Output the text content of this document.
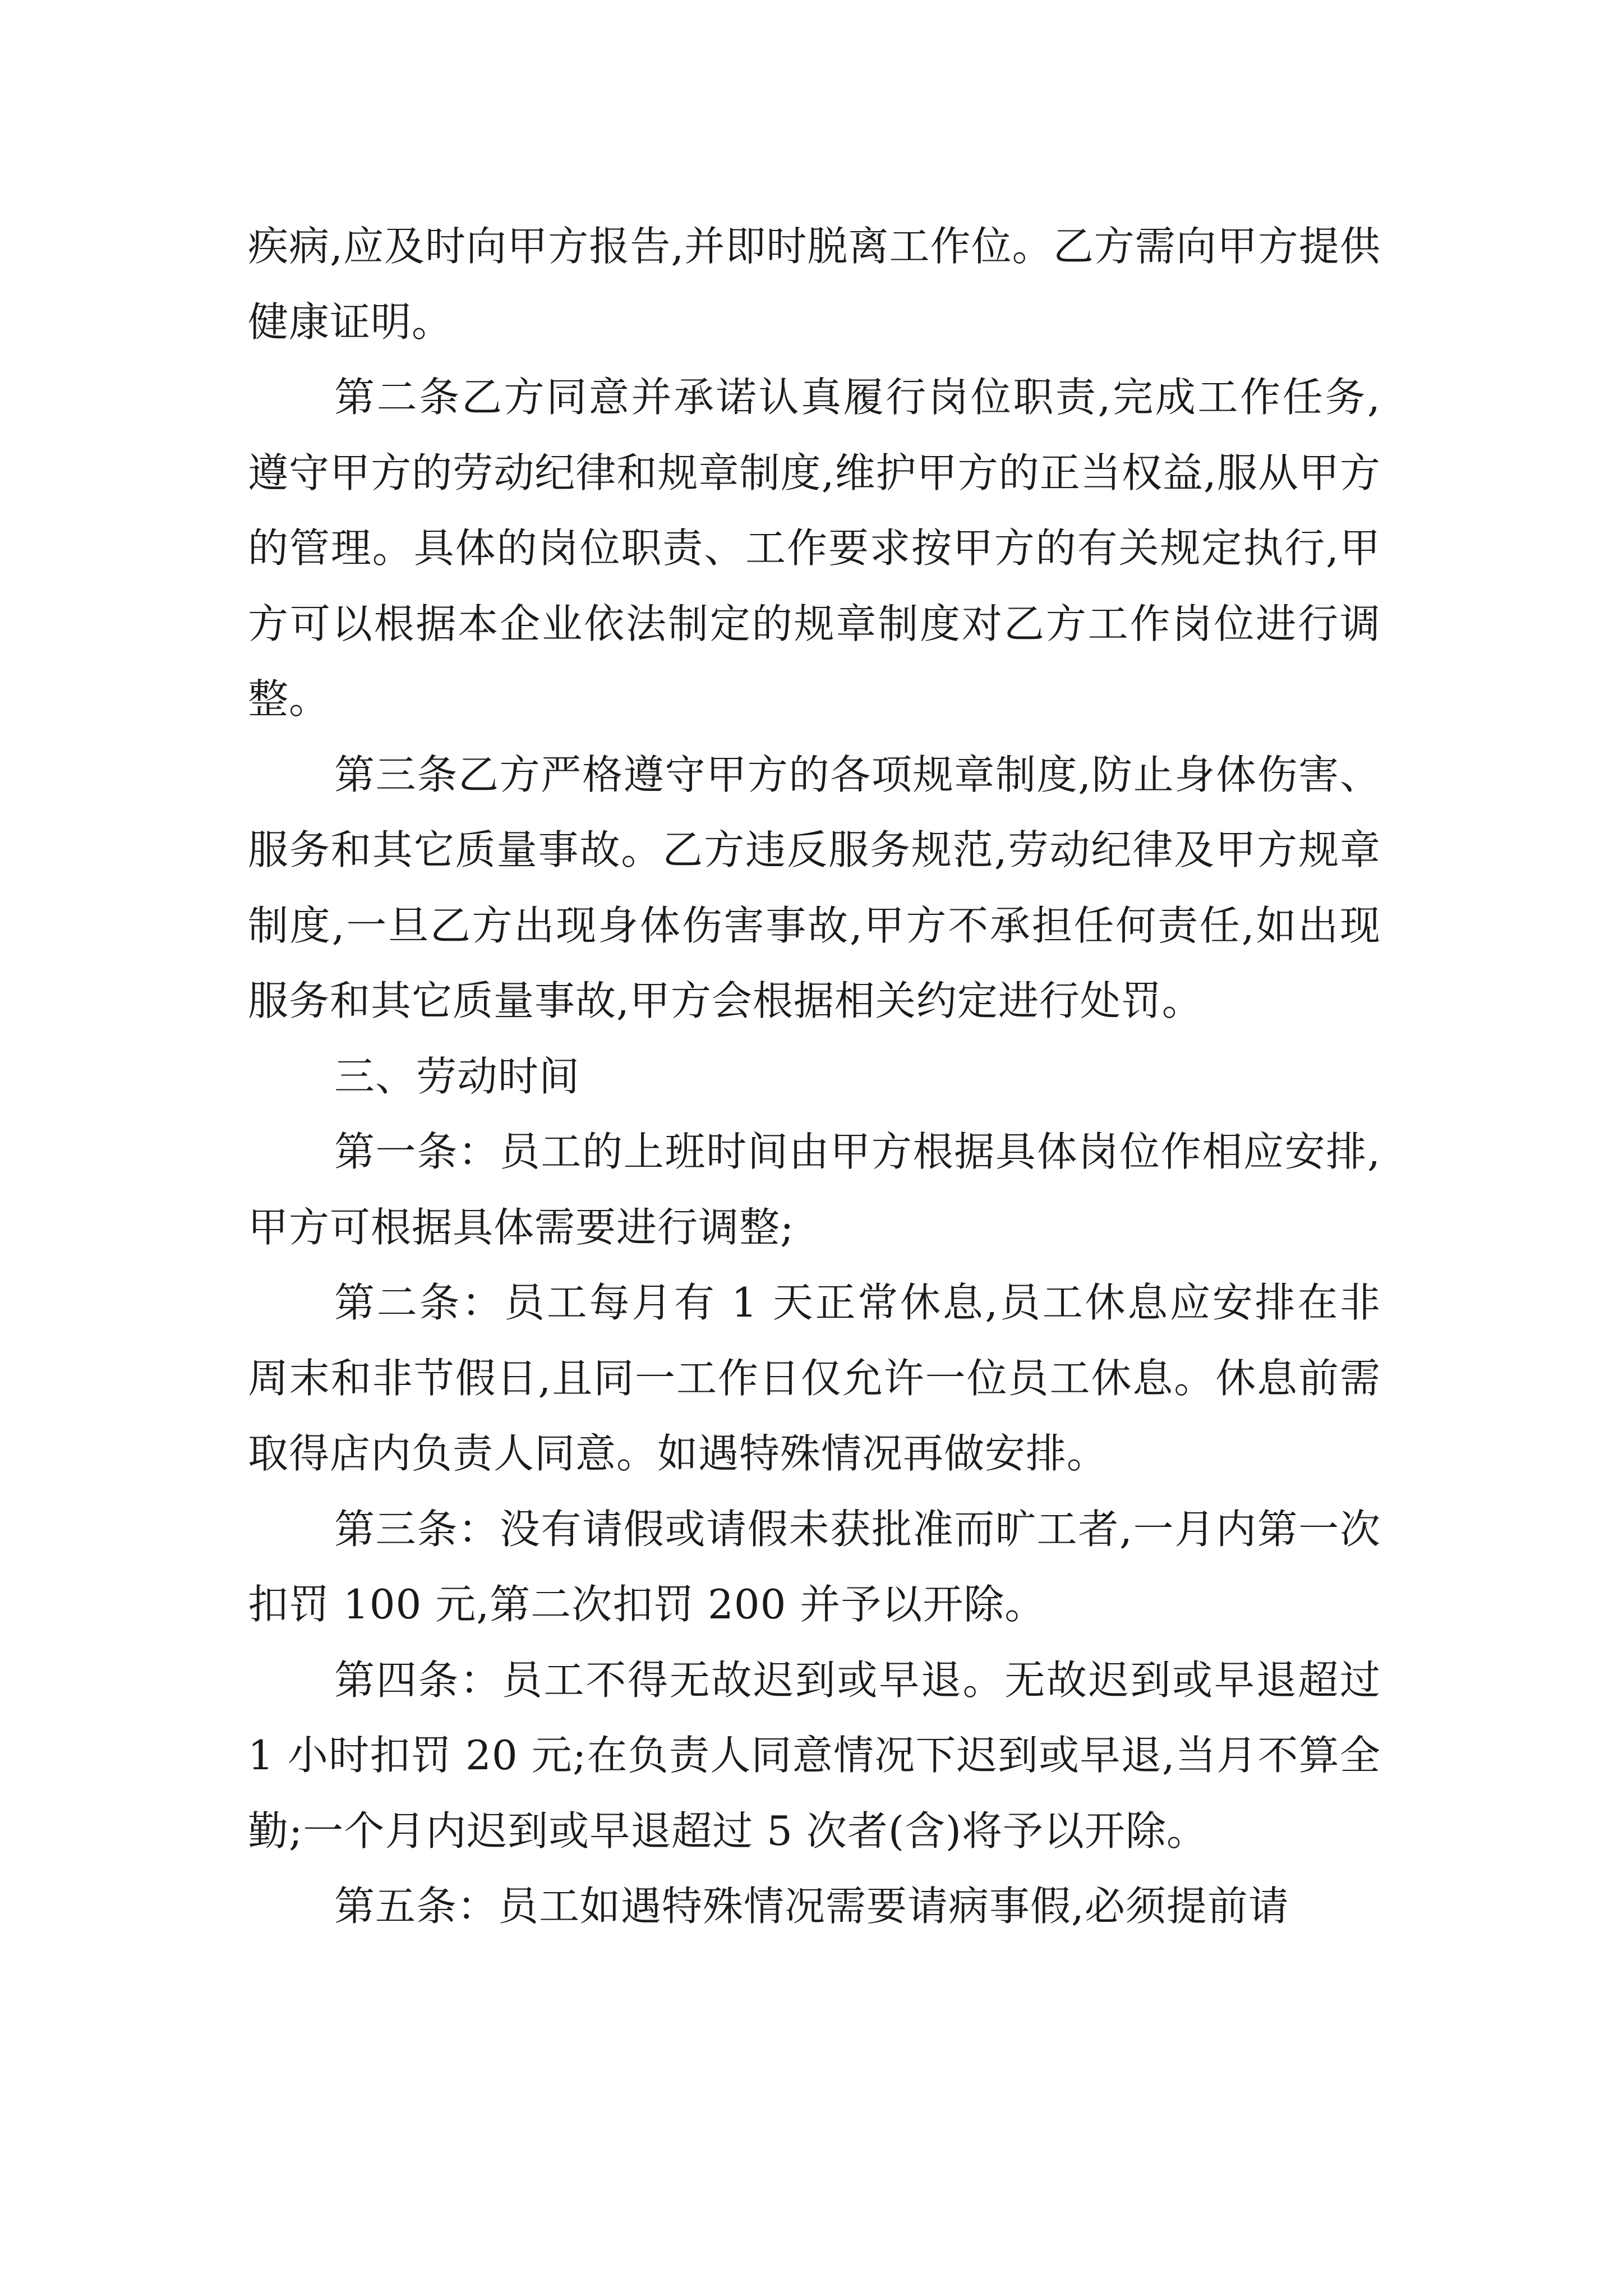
疾病,应及时向甲方报告,并即时脱离工作位。乙方需向甲方提供健康证明。

第二条乙方同意并承诺认真履行岗位职责,完成工作任务,遵守甲方的劳动纪律和规章制度,维护甲方的正当权益,服从甲方的管理。具体的岗位职责、工作要求按甲方的有关规定执行,甲方可以根据本企业依法制定的规章制度对乙方工作岗位进行调整。

第三条乙方严格遵守甲方的各项规章制度,防止身体伤害、服务和其它质量事故。乙方违反服务规范,劳动纪律及甲方规章制度,一旦乙方出现身体伤害事故,甲方不承担任何责任,如出现服务和其它质量事故,甲方会根据相关约定进行处罚。

三、劳动时间

第一条：员工的上班时间由甲方根据具体岗位作相应安排,甲方可根据具体需要进行调整;

第二条：员工每月有 1 天正常休息,员工休息应安排在非周末和非节假日,且同一工作日仅允许一位员工休息。休息前需取得店内负责人同意。如遇特殊情况再做安排。

第三条：没有请假或请假未获批准而旷工者,一月内第一次扣罚 100 元,第二次扣罚 200 并予以开除。

第四条：员工不得无故迟到或早退。无故迟到或早退超过 1 小时扣罚 20 元;在负责人同意情况下迟到或早退,当月不算全勤;一个月内迟到或早退超过 5 次者(含)将予以开除。

第五条：员工如遇特殊情况需要请病事假,必须提前请
